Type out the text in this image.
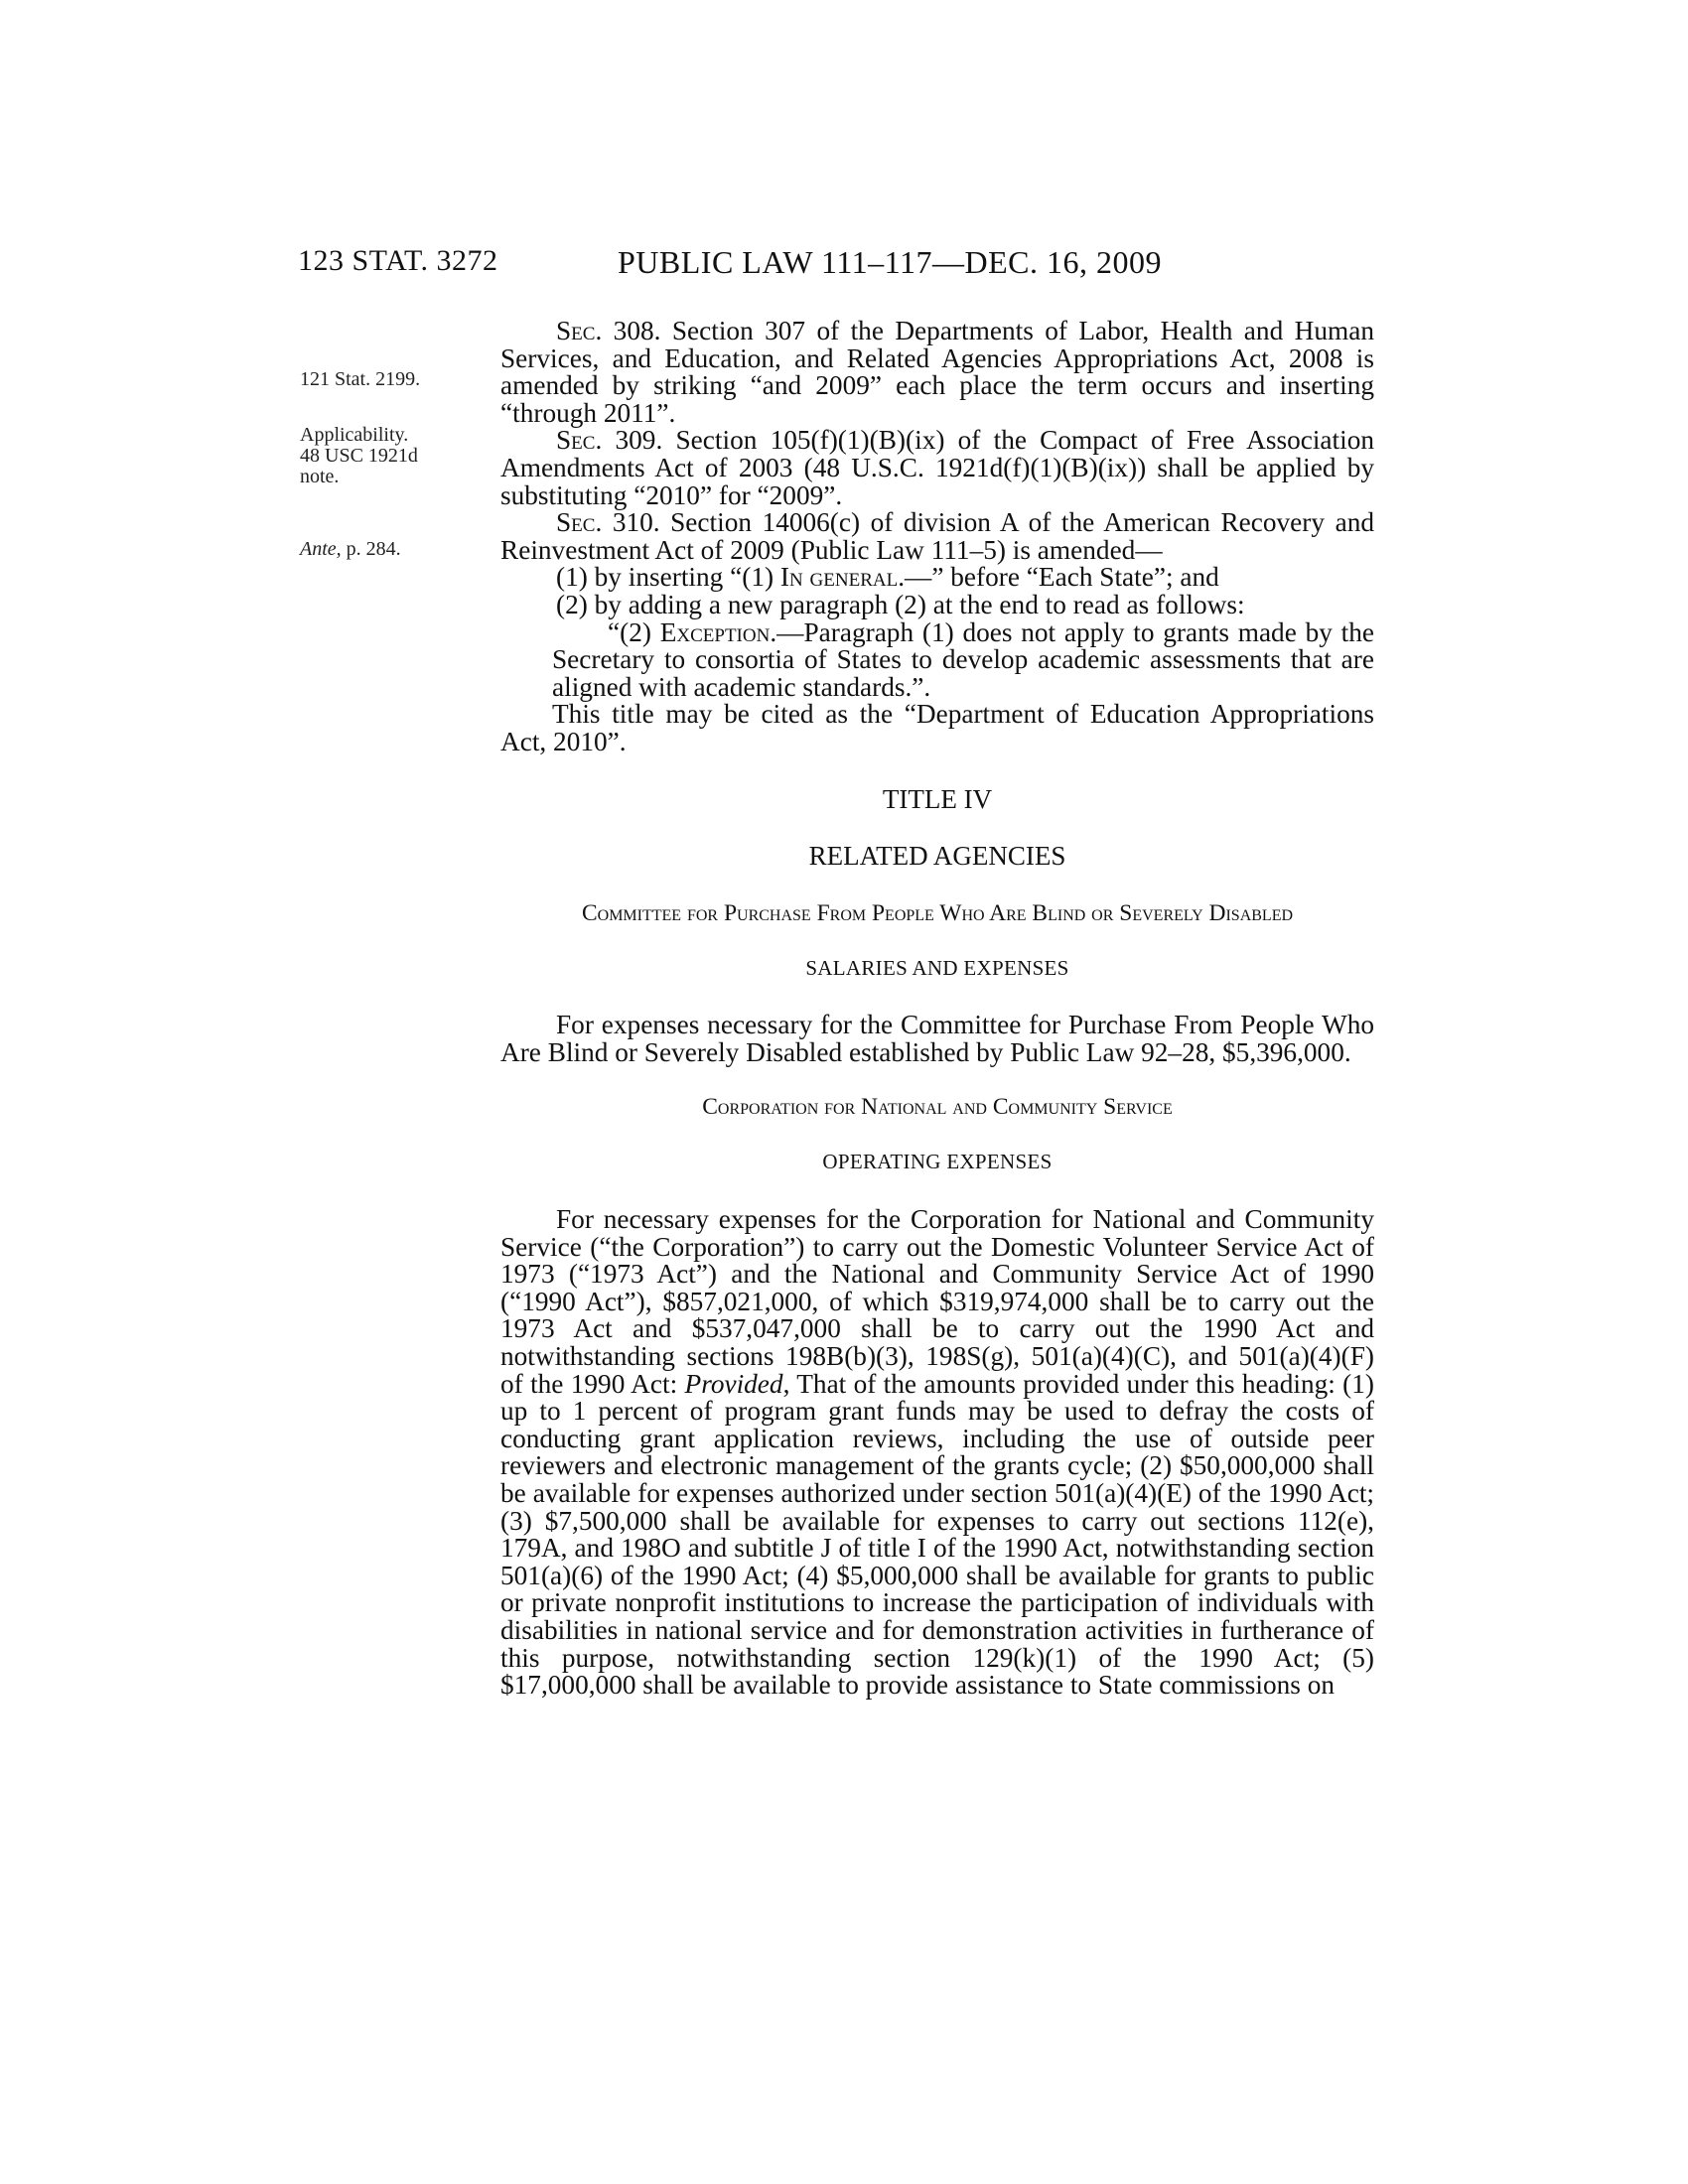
123 STAT. 3272	PUBLIC LAW 111–117—DEC. 16, 2009
121 Stat. 2199.
Applicability.
48 USC 1921d
note.
Ante, p. 284.

Sec. 308. Section 307 of the Departments of Labor, Health and Human Services, and Education, and Related Agencies Appropriations Act, 2008 is amended by striking “and 2009” each place the term occurs and inserting “through 2011”.

Sec. 309. Section 105(f)(1)(B)(ix) of the Compact of Free Association Amendments Act of 2003 (48 U.S.C. 1921d(f)(1)(B)(ix)) shall be applied by substituting “2010” for “2009”.

Sec. 310. Section 14006(c) of division A of the American Recovery and Reinvestment Act of 2009 (Public Law 111–5) is amended—

(1) by inserting “(1) In general.—” before “Each State”; and

(2) by adding a new paragraph (2) at the end to read as follows:

“(2) Exception.—Paragraph (1) does not apply to grants made by the Secretary to consortia of States to develop academic assessments that are aligned with academic standards.”.

This title may be cited as the “Department of Education Appropriations Act, 2010”.

TITLE IV
RELATED AGENCIES
Committee for Purchase From People Who Are Blind or Severely Disabled
SALARIES AND EXPENSES

For expenses necessary for the Committee for Purchase From People Who Are Blind or Severely Disabled established by Public Law 92–28, $5,396,000.

Corporation for National and Community Service
OPERATING EXPENSES

For necessary expenses for the Corporation for National and Community Service (“the Corporation”) to carry out the Domestic Volunteer Service Act of 1973 (“1973 Act”) and the National and Community Service Act of 1990 (“1990 Act”), $857,021,000, of which $319,974,000 shall be to carry out the 1973 Act and $537,047,000 shall be to carry out the 1990 Act and notwithstanding sections 198B(b)(3), 198S(g), 501(a)(4)(C), and 501(a)(4)(F) of the 1990 Act: Provided, That of the amounts provided under this heading: (1) up to 1 percent of program grant funds may be used to defray the costs of conducting grant application reviews, including the use of outside peer reviewers and electronic management of the grants cycle; (2) $50,000,000 shall be available for expenses authorized under section 501(a)(4)(E) of the 1990 Act; (3) $7,500,000 shall be available for expenses to carry out sections 112(e), 179A, and 198O and subtitle J of title I of the 1990 Act, notwithstanding section 501(a)(6) of the 1990 Act; (4) $5,000,000 shall be available for grants to public or private nonprofit institutions to increase the participation of individuals with disabilities in national service and for demonstration activities in furtherance of this purpose, notwithstanding section 129(k)(1) of the 1990 Act; (5) $17,000,000 shall be available to provide assistance to State commissions on
